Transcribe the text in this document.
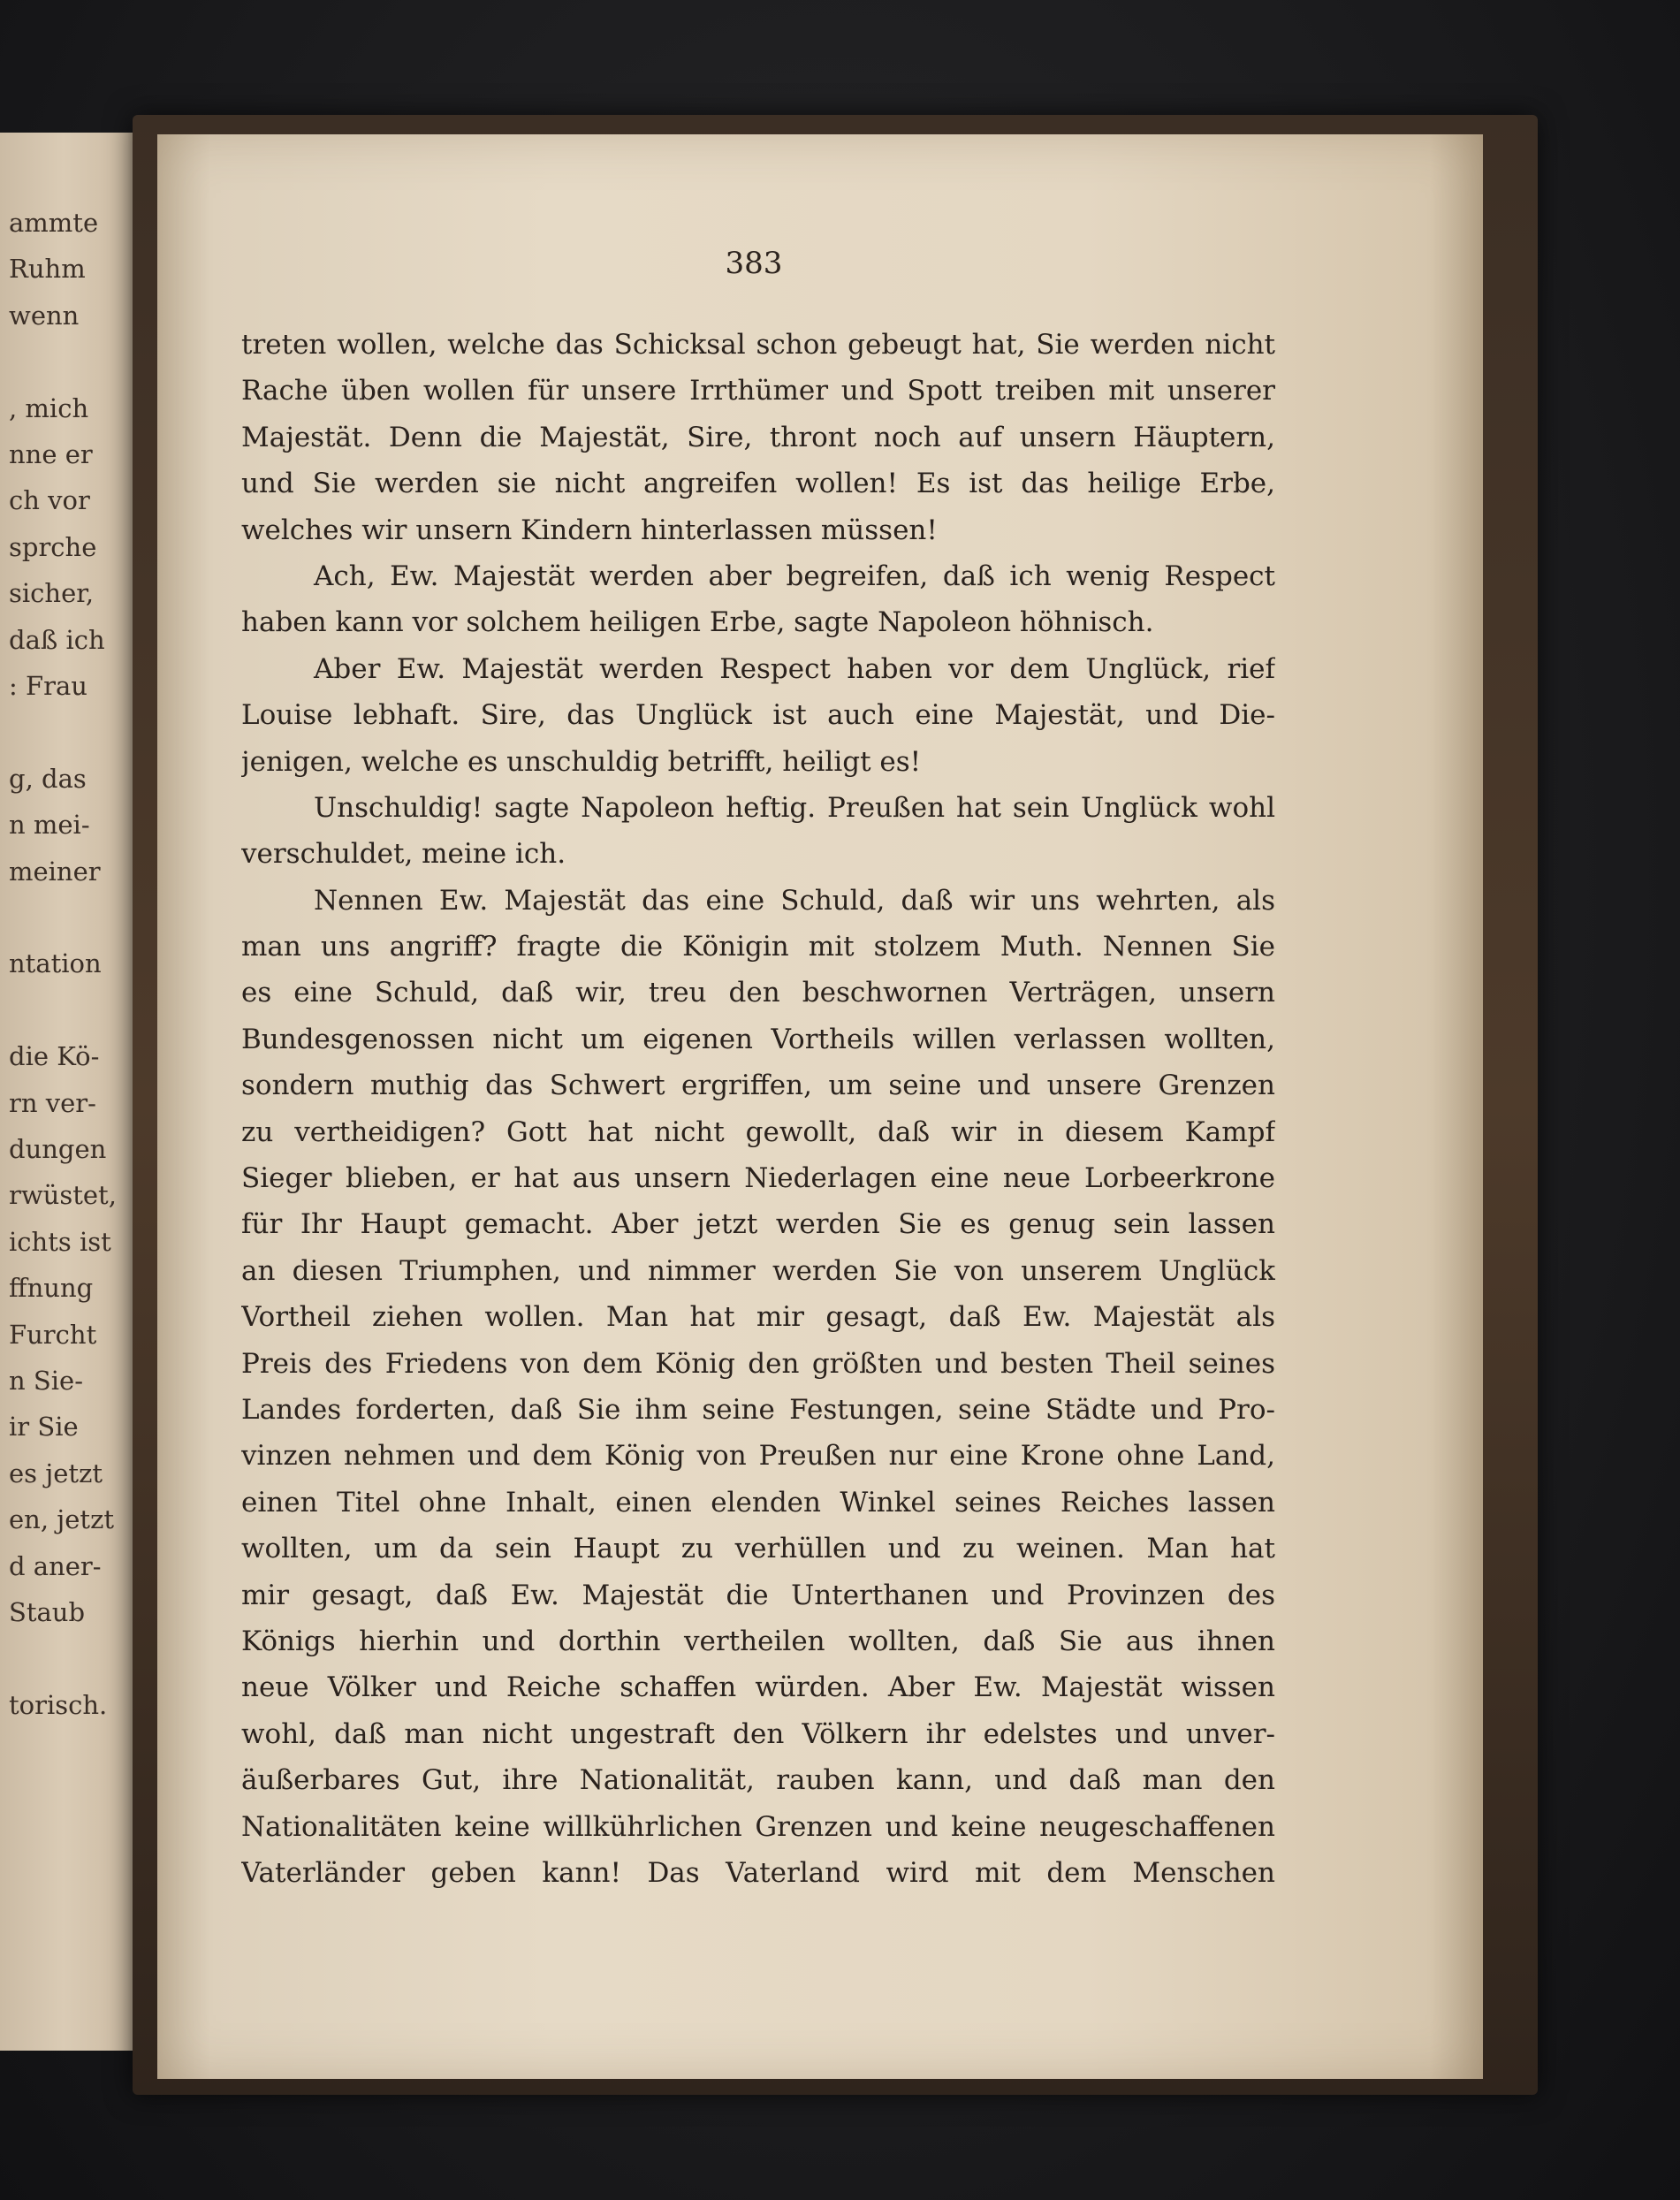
ammte
Ruhm
wenn
, mich
nne er
ch vor
sprche
sicher,
daß ich
: Frau
g, das
n mei-
meiner
ntation
die Kö-
rn ver-
dungen
rwüstet,
ichts ist
ffnung
Furcht
n Sie-
ir Sie
es jetzt
en, jetzt
d aner-
Staub
torisch.
383
treten wollen, welche das Schicksal schon gebeugt hat, Sie werden nicht
Rache üben wollen für unsere Irrthümer und Spott treiben mit unserer
Majestät. Denn die Majestät, Sire, thront noch auf unsern Häuptern,
und Sie werden sie nicht angreifen wollen! Es ist das heilige Erbe,
welches wir unsern Kindern hinterlassen müssen!
Ach, Ew. Majestät werden aber begreifen, daß ich wenig Respect
haben kann vor solchem heiligen Erbe, sagte Napoleon höhnisch.
Aber Ew. Majestät werden Respect haben vor dem Unglück, rief
Louise lebhaft. Sire, das Unglück ist auch eine Majestät, und Die-
jenigen, welche es unschuldig betrifft, heiligt es!
Unschuldig! sagte Napoleon heftig. Preußen hat sein Unglück wohl
verschuldet, meine ich.
Nennen Ew. Majestät das eine Schuld, daß wir uns wehrten, als
man uns angriff? fragte die Königin mit stolzem Muth. Nennen Sie
es eine Schuld, daß wir, treu den beschwornen Verträgen, unsern
Bundesgenossen nicht um eigenen Vortheils willen verlassen wollten,
sondern muthig das Schwert ergriffen, um seine und unsere Grenzen
zu vertheidigen? Gott hat nicht gewollt, daß wir in diesem Kampf
Sieger blieben, er hat aus unsern Niederlagen eine neue Lorbeerkrone
für Ihr Haupt gemacht. Aber jetzt werden Sie es genug sein lassen
an diesen Triumphen, und nimmer werden Sie von unserem Unglück
Vortheil ziehen wollen. Man hat mir gesagt, daß Ew. Majestät als
Preis des Friedens von dem König den größten und besten Theil seines
Landes forderten, daß Sie ihm seine Festungen, seine Städte und Pro-
vinzen nehmen und dem König von Preußen nur eine Krone ohne Land,
einen Titel ohne Inhalt, einen elenden Winkel seines Reiches lassen
wollten, um da sein Haupt zu verhüllen und zu weinen. Man hat
mir gesagt, daß Ew. Majestät die Unterthanen und Provinzen des
Königs hierhin und dorthin vertheilen wollten, daß Sie aus ihnen
neue Völker und Reiche schaffen würden. Aber Ew. Majestät wissen
wohl, daß man nicht ungestraft den Völkern ihr edelstes und unver-
äußerbares Gut, ihre Nationalität, rauben kann, und daß man den
Nationalitäten keine willkührlichen Grenzen und keine neugeschaffenen
Vaterländer geben kann! Das Vaterland wird mit dem Menschen
